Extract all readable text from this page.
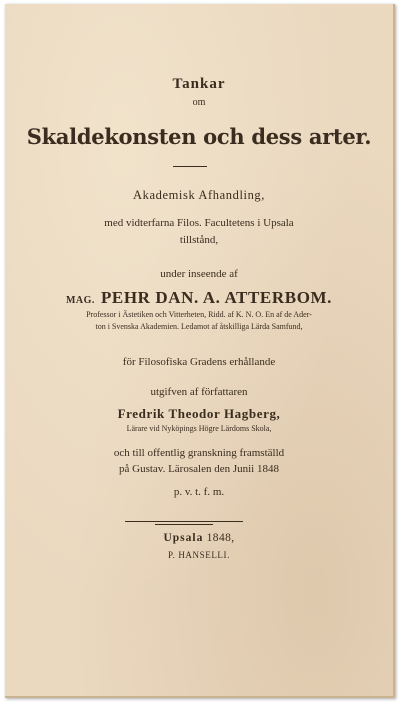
Tankar
om
Skaldekonsten och dess arter.
Akademisk Afhandling,
med vidterfarna Filos. Facultetens i Upsala
tillstånd,
under inseende af
MAG. PEHR DAN. A. ATTERBOM.
Professor i Ästetiken och Vitterheten, Ridd. af K. N. O. En af de Ader-
ton i Svenska Akademien. Ledamot af åtskilliga Lärda Samfund,
för Filosofiska Gradens erhållande
utgifven af författaren
Fredrik Theodor Hagberg,
Lärare vid Nyköpings Högre Lärdoms Skola,
och till offentlig granskning framställd
på Gustav. Lärosalen den Junii 1848
p. v. t. f. m.
Upsala 1848,
P. HANSELLI.
